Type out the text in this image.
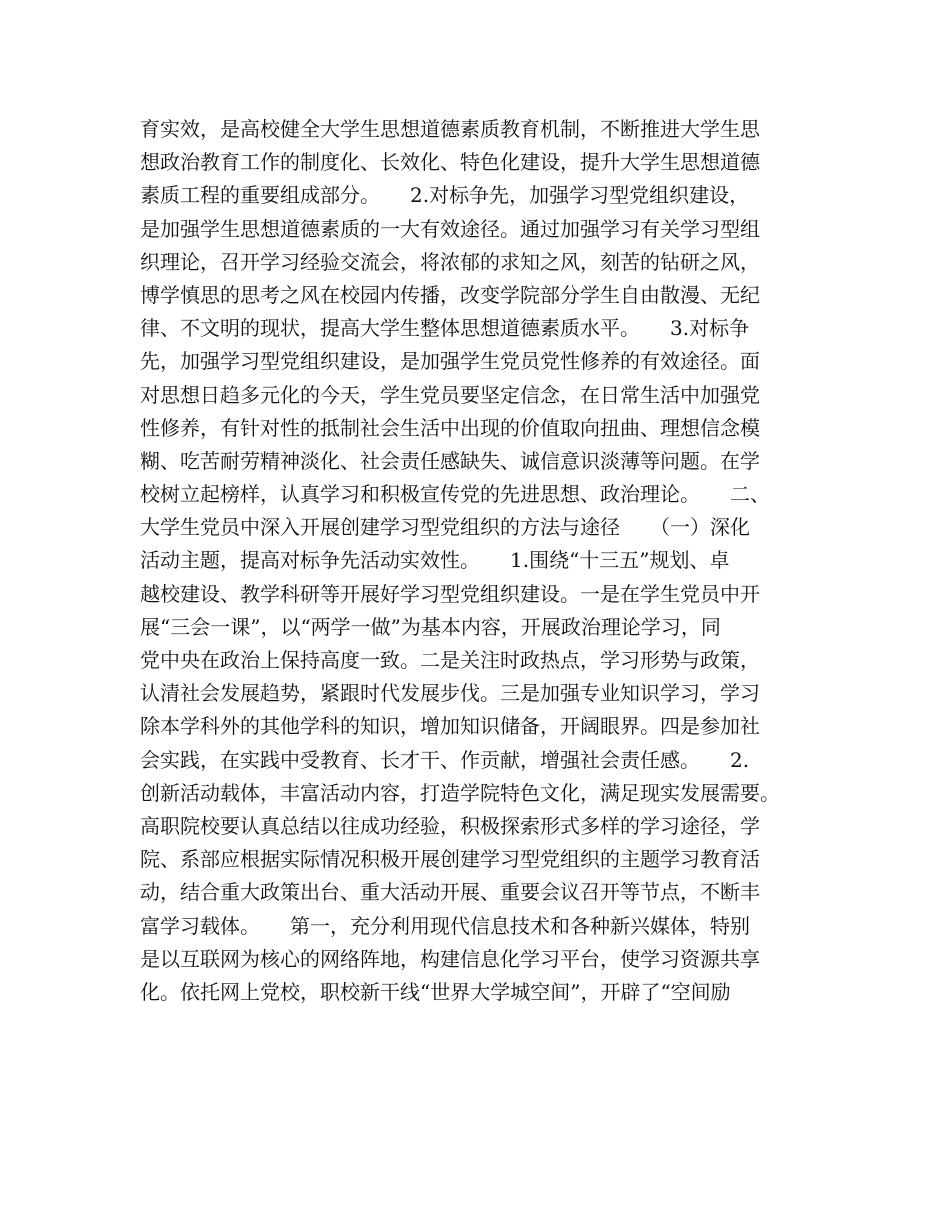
育实效，是高校健全大学生思想道德素质教育机制，不断推进大学生思
想政治教育工作的制度化、长效化、特色化建设，提升大学生思想道德
素质工程的重要组成部分。　　2.对标争先，加强学习型党组织建设，
是加强学生思想道德素质的一大有效途径。通过加强学习有关学习型组
织理论，召开学习经验交流会，将浓郁的求知之风，刻苦的钻研之风，
博学慎思的思考之风在校园内传播，改变学院部分学生自由散漫、无纪
律、不文明的现状，提高大学生整体思想道德素质水平。　　3.对标争
先，加强学习型党组织建设，是加强学生党员党性修养的有效途径。面
对思想日趋多元化的今天，学生党员要坚定信念，在日常生活中加强党
性修养，有针对性的抵制社会生活中出现的价值取向扭曲、理想信念模
糊、吃苦耐劳精神淡化、社会责任感缺失、诚信意识淡薄等问题。在学
校树立起榜样，认真学习和积极宣传党的先进思想、政治理论。　　二、
大学生党员中深入开展创建学习型党组织的方法与途径　　（一）深化
活动主题，提高对标争先活动实效性。　　1.围绕“十三五”规划、卓
越校建设、教学科研等开展好学习型党组织建设。一是在学生党员中开
展“三会一课”，以“两学一做”为基本内容，开展政治理论学习，同
党中央在政治上保持高度一致。二是关注时政热点，学习形势与政策，
认清社会发展趋势，紧跟时代发展步伐。三是加强专业知识学习，学习
除本学科外的其他学科的知识，增加知识储备，开阔眼界。四是参加社
会实践，在实践中受教育、长才干、作贡献，增强社会责任感。　　2.
创新活动载体，丰富活动内容，打造学院特色文化，满足现实发展需要。
高职院校要认真总结以往成功经验，积极探索形式多样的学习途径，学
院、系部应根据实际情况积极开展创建学习型党组织的主题学习教育活
动，结合重大政策出台、重大活动开展、重要会议召开等节点，不断丰
富学习载体。　　第一，充分利用现代信息技术和各种新兴媒体，特别
是以互联网为核心的网络阵地，构建信息化学习平台，使学习资源共享
化。依托网上党校，职校新干线“世界大学城空间”，开辟了“空间励
